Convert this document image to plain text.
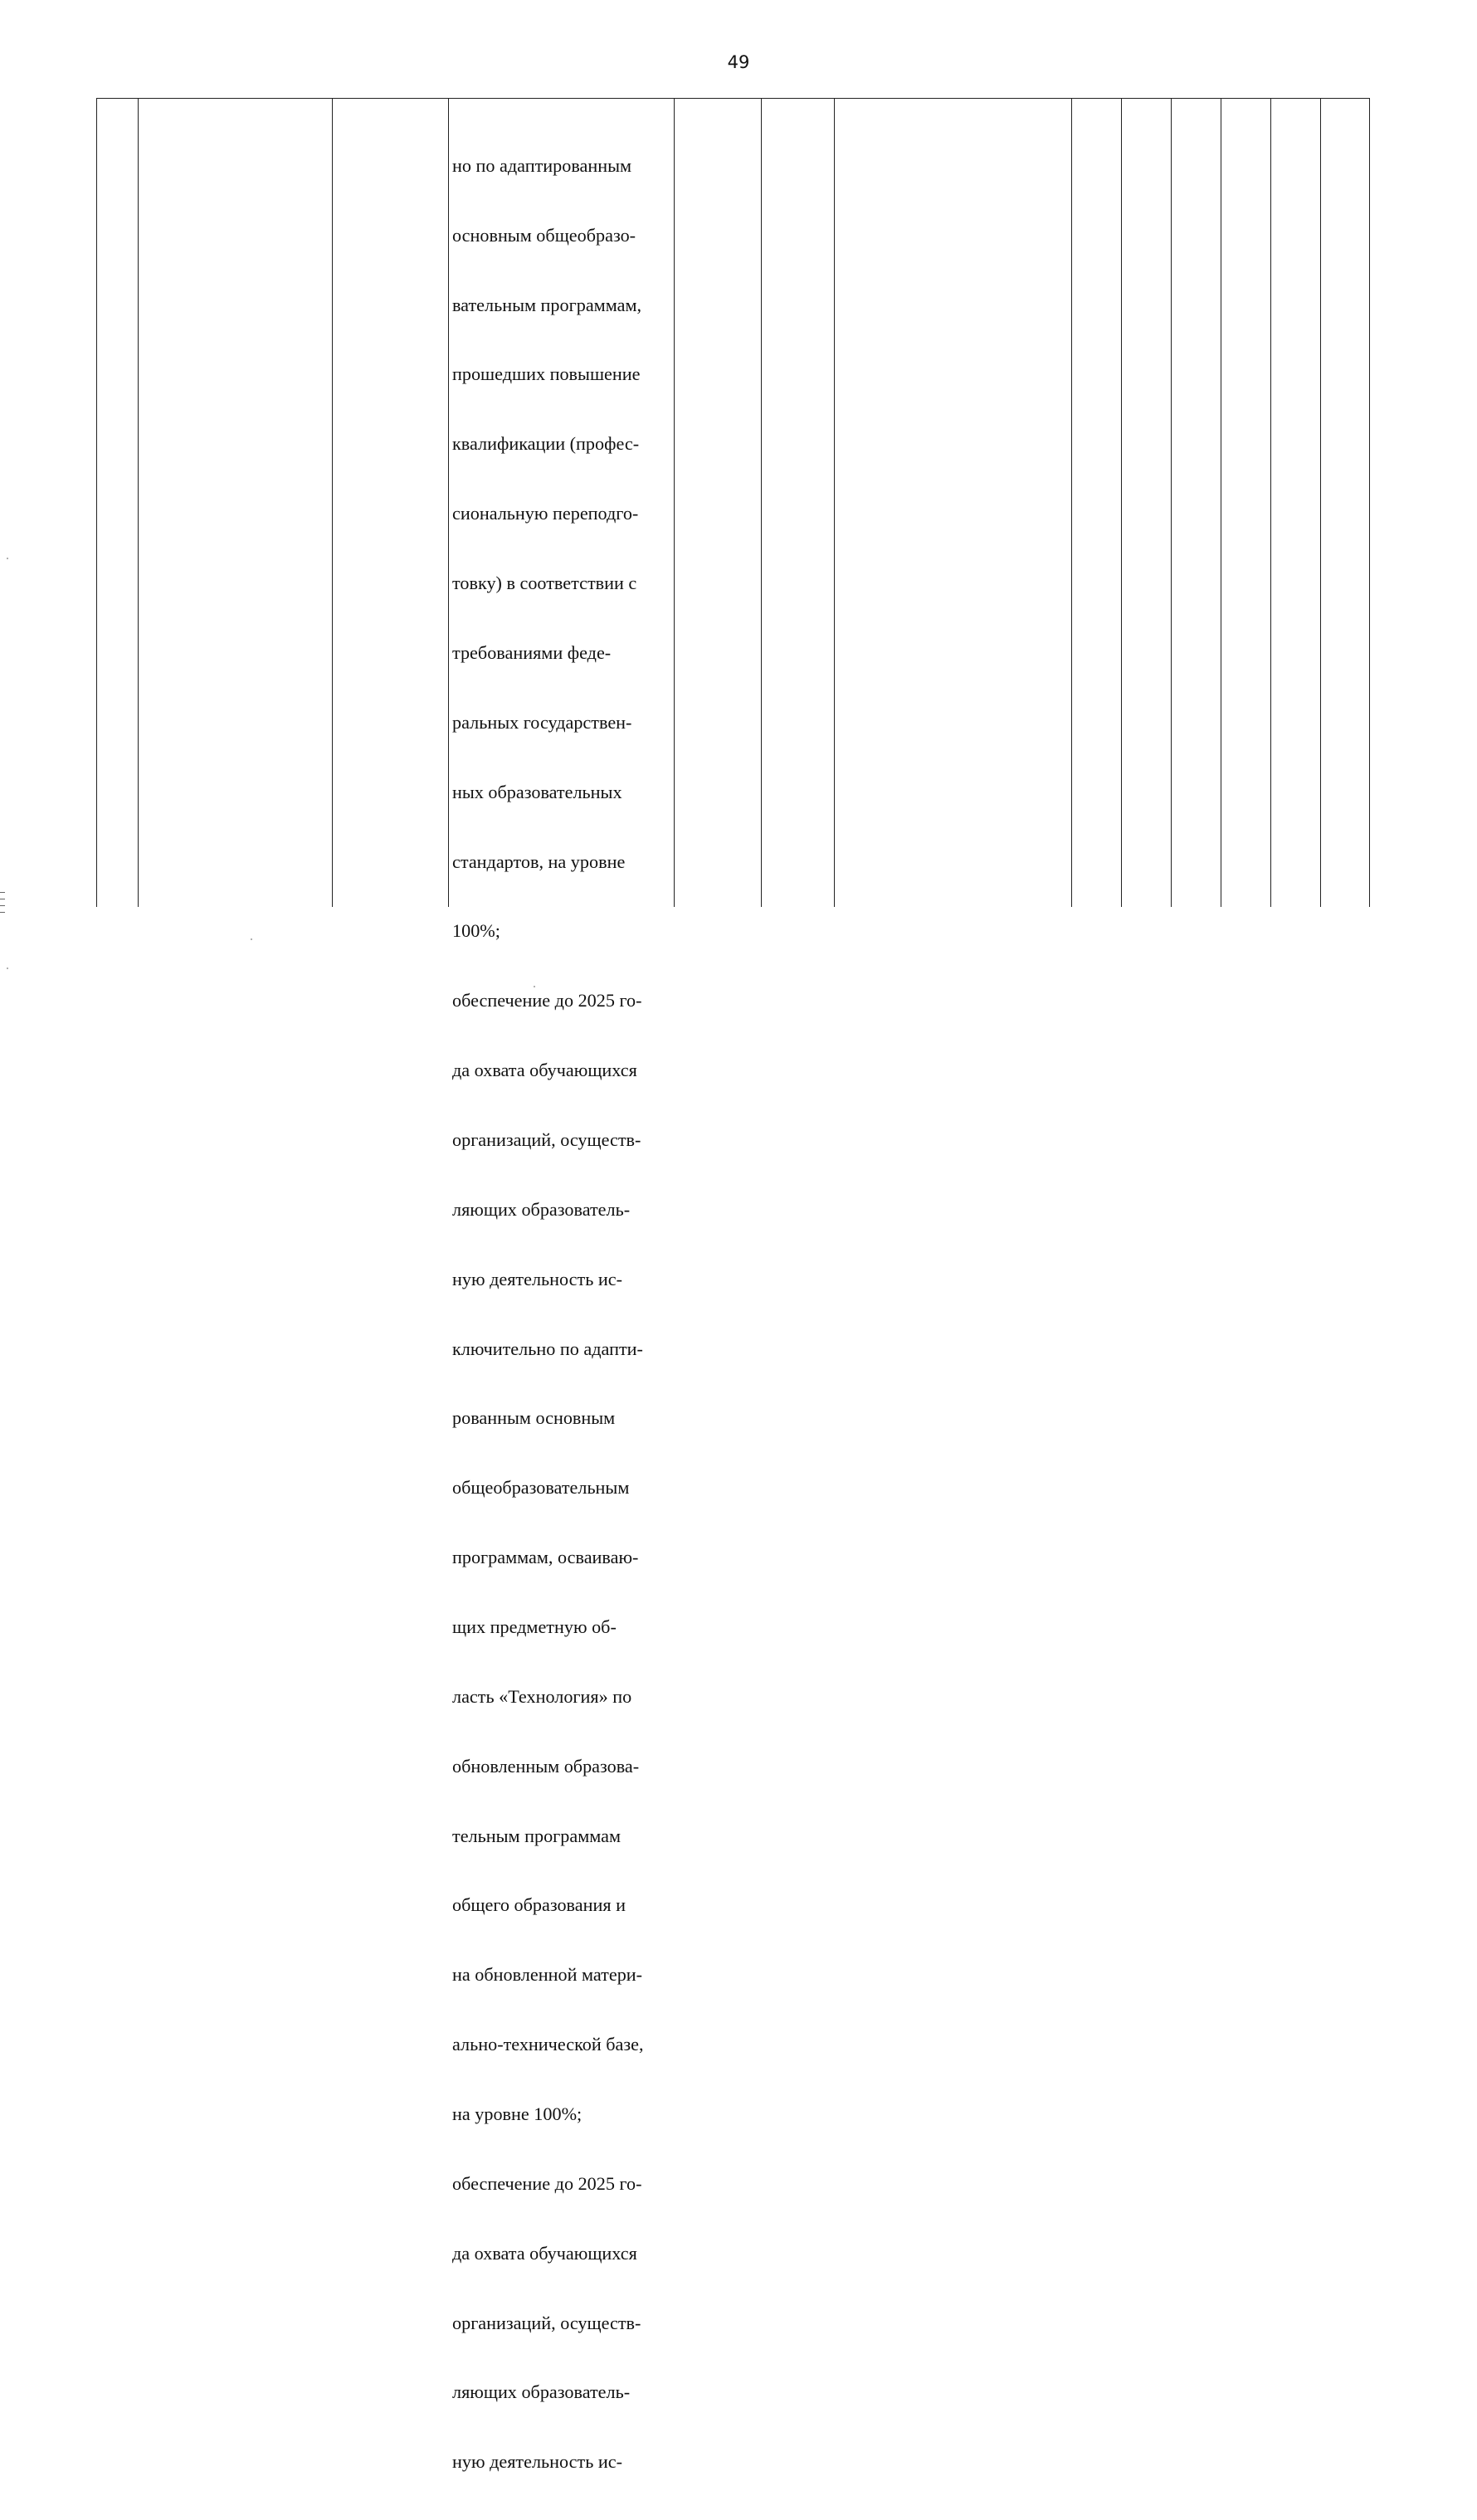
49

но по адаптированным

основным общеобразо-

вательным программам,

прошедших повышение

квалификации (профес-

сиональную переподго-

товку) в соответствии с

требованиями феде-

ральных государствен-

ных образовательных

стандартов, на уровне

100%;

обеспечение до 2025 го-

да охвата обучающихся

организаций, осуществ-

ляющих образователь-

ную деятельность ис-

ключительно по адапти-

рованным основным

общеобразовательным

программам, осваиваю-

щих предметную об-

ласть «Технология» по

обновленным образова-

тельным программам

общего образования и

на обновленной матери-

ально-технической базе,

на уровне 100%;

обеспечение до 2025 го-

да охвата обучающихся

организаций, осуществ-

ляющих образователь-

ную деятельность ис-
